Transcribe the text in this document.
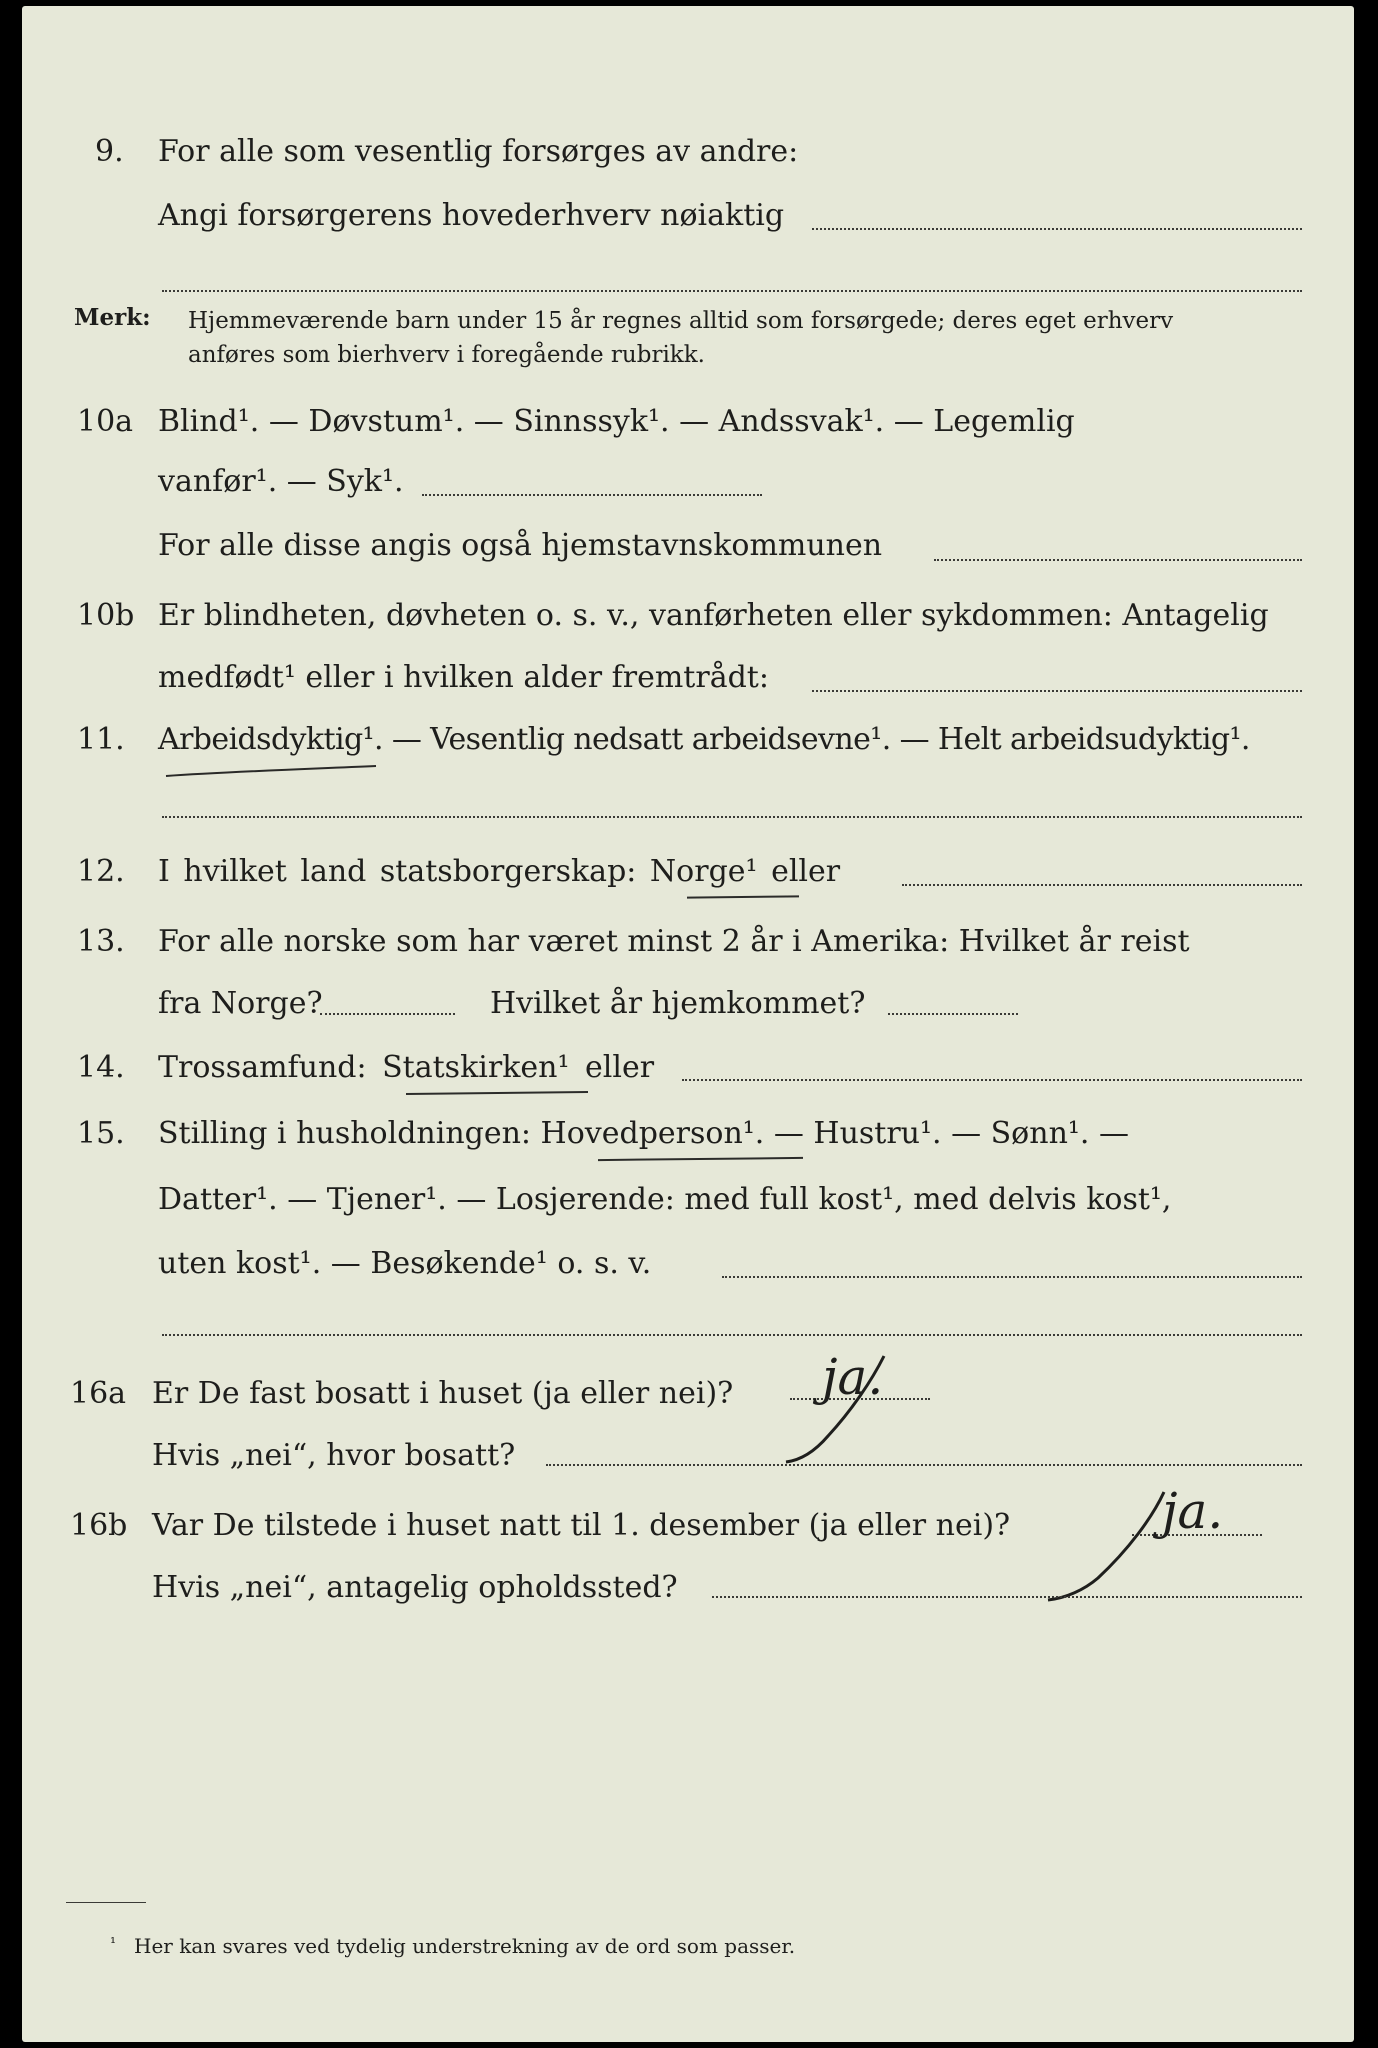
9. For alle som vesentlig forsørges av andre:
Angi forsørgerens hovederhverv nøiaktig
Merk: Hjemmeværende barn under 15 år regnes alltid som forsørgede; deres eget erhverv
anføres som bierhverv i foregående rubrikk.
10a Blind¹. — Døvstum¹. — Sinnssyk¹. — Andssvak¹. — Legemlig
vanfør¹. — Syk¹.
For alle disse angis også hjemstavnskommunen
10b Er blindheten, døvheten o. s. v., vanførheten eller sykdommen: Antagelig
medfødt¹ eller i hvilken alder fremtrådt:
11. Arbeidsdyktig¹. — Vesentlig nedsatt arbeidsevne¹. — Helt arbeidsudyktig¹.
12. I hvilket land statsborgerskap: Norge¹ eller
13. For alle norske som har været minst 2 år i Amerika: Hvilket år reist
fra Norge?	Hvilket år hjemkommet?
14. Trossamfund: Statskirken¹ eller
15. Stilling i husholdningen: Hovedperson¹. — Hustru¹. — Sønn¹. —
Datter¹. — Tjener¹. — Losjerende: med full kost¹, med delvis kost¹,
uten kost¹. — Besøkende¹ o. s. v.
16a Er De fast bosatt i huset (ja eller nei)? ja.
Hvis „nei“, hvor bosatt?
16b Var De tilstede i huset natt til 1. desember (ja eller nei)?	ja.
Hvis „nei“, antagelig opholdssted?
¹ Her kan svares ved tydelig understrekning av de ord som passer.
